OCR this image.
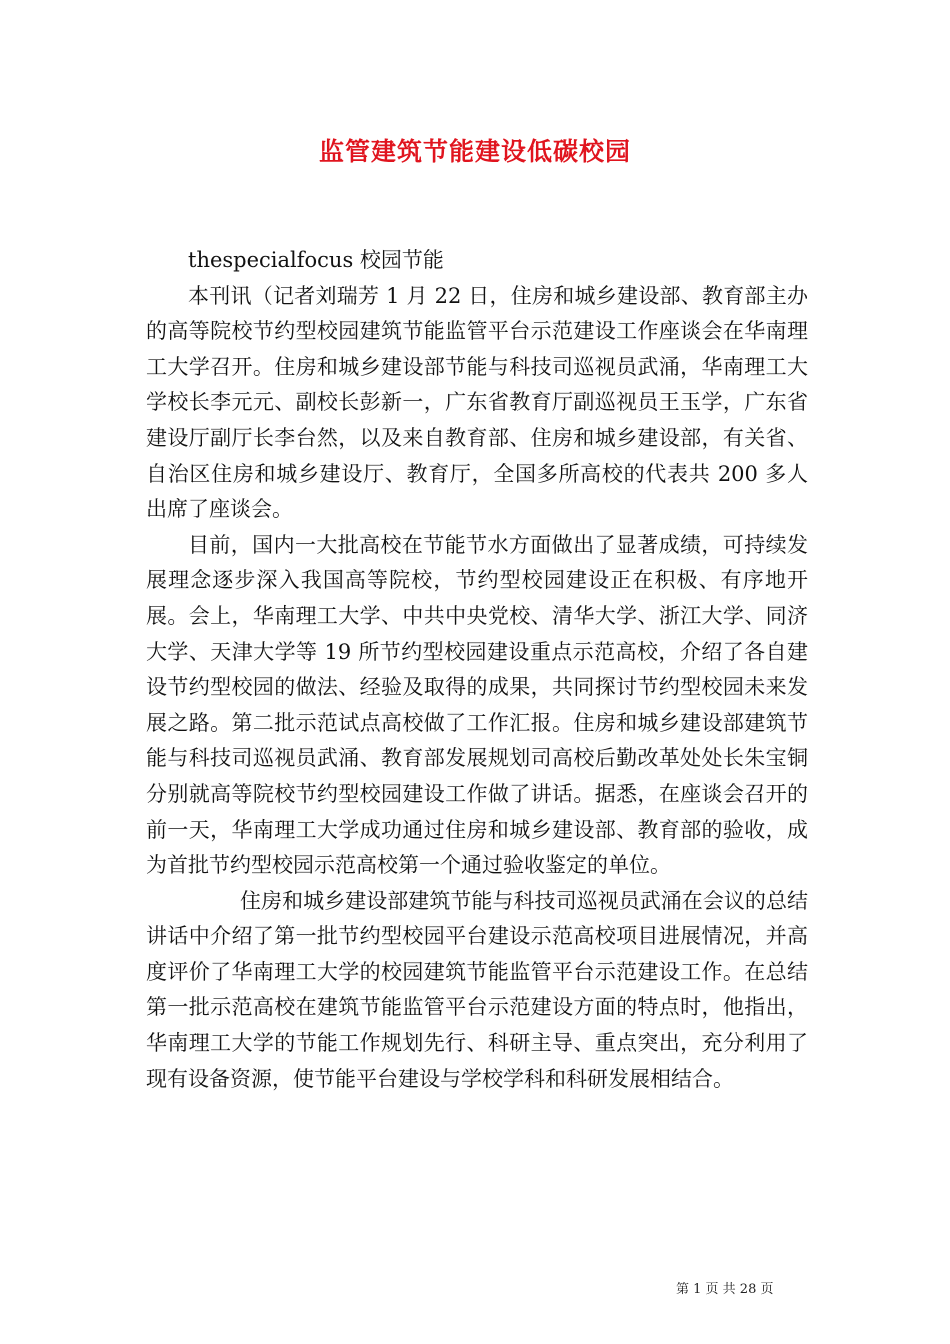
监管建筑节能建设低碳校园

thespecialfocus 校园节能

本刊讯（记者刘瑞芳 1 月 22 日，住房和城乡建设部、教育部主办的高等院校节约型校园建筑节能监管平台示范建设工作座谈会在华南理工大学召开。住房和城乡建设部节能与科技司巡视员武涌，华南理工大学校长李元元、副校长彭新一，广东省教育厅副巡视员王玉学，广东省建设厅副厅长李台然，以及来自教育部、住房和城乡建设部，有关省、自治区住房和城乡建设厅、教育厅，全国多所高校的代表共 200 多人出席了座谈会。

目前，国内一大批高校在节能节水方面做出了显著成绩，可持续发展理念逐步深入我国高等院校，节约型校园建设正在积极、有序地开展。会上，华南理工大学、中共中央党校、清华大学、浙江大学、同济大学、天津大学等 19 所节约型校园建设重点示范高校，介绍了各自建设节约型校园的做法、经验及取得的成果，共同探讨节约型校园未来发展之路。第二批示范试点高校做了工作汇报。住房和城乡建设部建筑节能与科技司巡视员武涌、教育部发展规划司高校后勤改革处处长朱宝铜分别就高等院校节约型校园建设工作做了讲话。据悉，在座谈会召开的前一天，华南理工大学成功通过住房和城乡建设部、教育部的验收，成为首批节约型校园示范高校第一个通过验收鉴定的单位。

住房和城乡建设部建筑节能与科技司巡视员武涌在会议的总结讲话中介绍了第一批节约型校园平台建设示范高校项目进展情况，并高度评价了华南理工大学的校园建筑节能监管平台示范建设工作。在总结第一批示范高校在建筑节能监管平台示范建设方面的特点时，他指出，华南理工大学的节能工作规划先行、科研主导、重点突出，充分利用了现有设备资源，使节能平台建设与学校学科和科研发展相结合。

第 1 页 共 28 页
